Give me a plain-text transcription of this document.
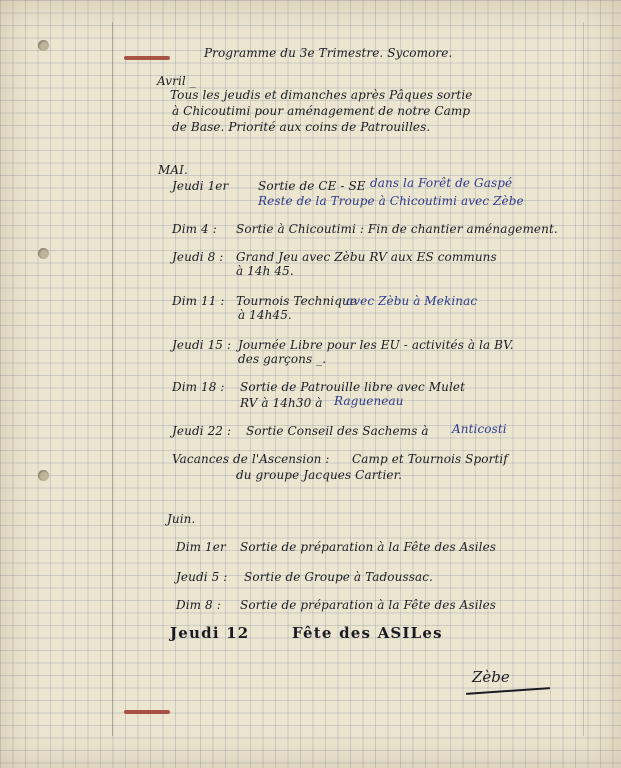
Programme du 3e Trimestre. Sycomore.
Avril _
Tous les jeudis et dimanches après Pâques sortie
à Chicoutimi pour aménagement de notre Camp
de Base. Priorité aux coins de Patrouilles.
MAI.
Jeudi 1er Sortie de CE - SE dans la Forêt de Gaspé
Reste de la Troupe à Chicoutimi avec Zèbe
Dim 4 : Sortie à Chicoutimi : Fin de chantier aménagement.
Jeudi 8 : Grand Jeu avec Zèbu RV aux ES communs
à 14h 45.
Dim 11 : Tournois Technique
avec Zèbu à Mekinac
à 14h45.
Jeudi 15 : Journée Libre pour les EU - activités à la BV.
des garçons _.
Dim 18 : Sortie de Patrouille libre avec Mulet
RV à 14h30 à Ragueneau
Jeudi 22 : Sortie Conseil des Sachems à Anticosti
Vacances de l'Ascension : Camp et Tournois Sportif
du groupe Jacques Cartier.
Juin.
Dim 1er Sortie de préparation à la Fête des Asiles
Jeudi 5 : Sortie de Groupe à Tadoussac.
Dim 8 : Sortie de préparation à la Fête des Asiles
Jeudi 12	Fête des ASILes
Zèbe
